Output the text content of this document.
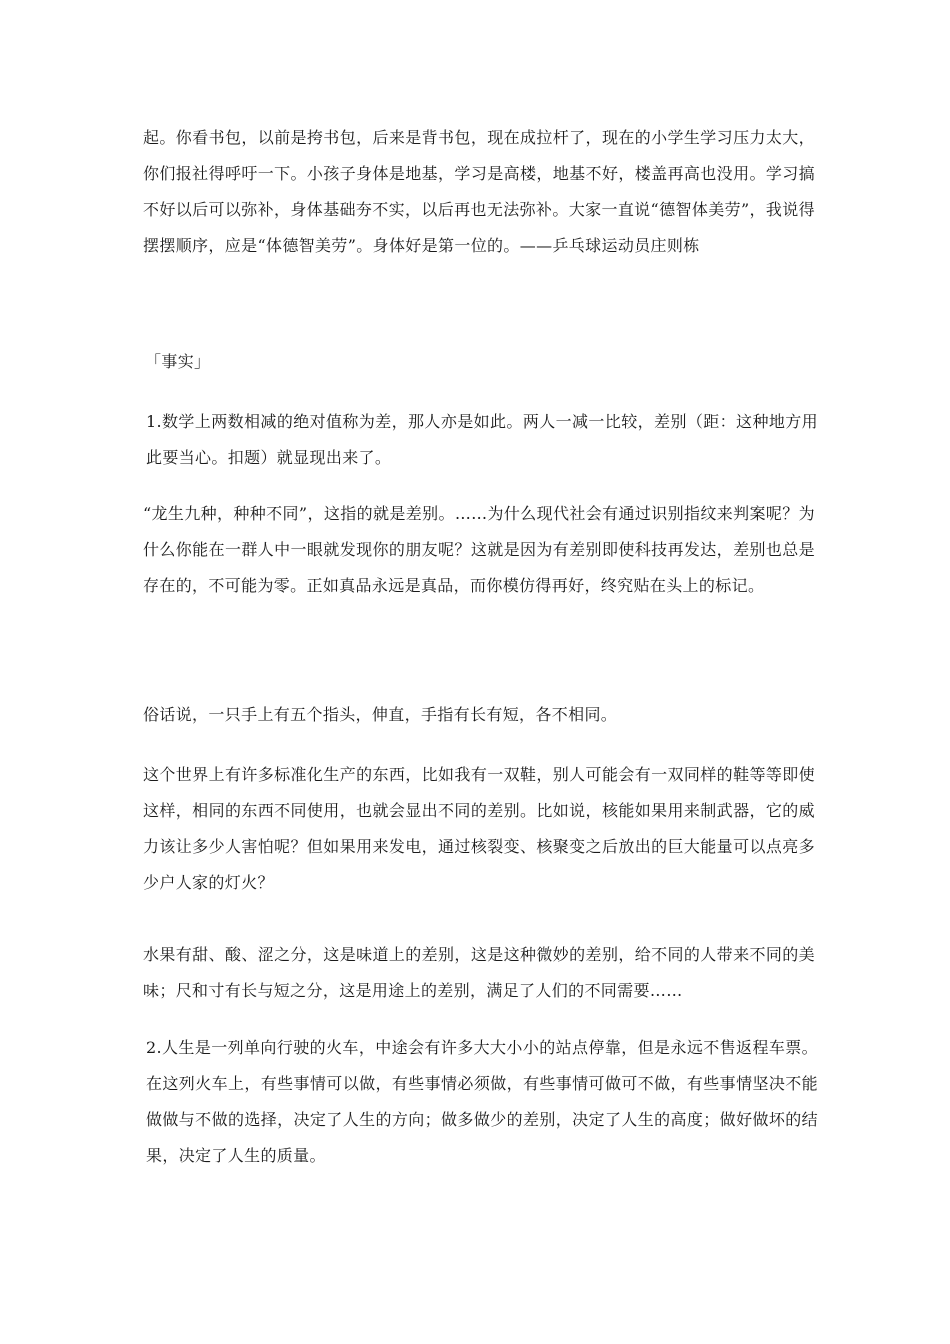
起。你看书包，以前是挎书包，后来是背书包，现在成拉杆了，现在的小学生学习压力太大，你们报社得呼吁一下。小孩子身体是地基，学习是高楼，地基不好，楼盖再高也没用。学习搞不好以后可以弥补，身体基础夯不实，以后再也无法弥补。大家一直说“德智体美劳”，我说得摆摆顺序，应是“体德智美劳”。身体好是第一位的。——乒乓球运动员庄则栋

「事实」

1.数学上两数相减的绝对值称为差，那人亦是如此。两人一减一比较，差别（距：这种地方用此要当心。扣题）就显现出来了。

“龙生九种，种种不同”，这指的就是差别。……为什么现代社会有通过识别指纹来判案呢？为什么你能在一群人中一眼就发现你的朋友呢？这就是因为有差别即使科技再发达，差别也总是存在的，不可能为零。正如真品永远是真品，而你模仿得再好，终究贴在头上的标记。

俗话说，一只手上有五个指头，伸直，手指有长有短，各不相同。

这个世界上有许多标准化生产的东西，比如我有一双鞋，别人可能会有一双同样的鞋等等即使这样，相同的东西不同使用，也就会显出不同的差别。比如说，核能如果用来制武器，它的威力该让多少人害怕呢？但如果用来发电，通过核裂变、核聚变之后放出的巨大能量可以点亮多少户人家的灯火？

水果有甜、酸、涩之分，这是味道上的差别，这是这种微妙的差别，给不同的人带来不同的美味；尺和寸有长与短之分，这是用途上的差别，满足了人们的不同需要……

2.人生是一列单向行驶的火车，中途会有许多大大小小的站点停靠，但是永远不售返程车票。在这列火车上，有些事情可以做，有些事情必须做，有些事情可做可不做，有些事情坚决不能做做与不做的选择，决定了人生的方向；做多做少的差别，决定了人生的高度；做好做坏的结果，决定了人生的质量。
